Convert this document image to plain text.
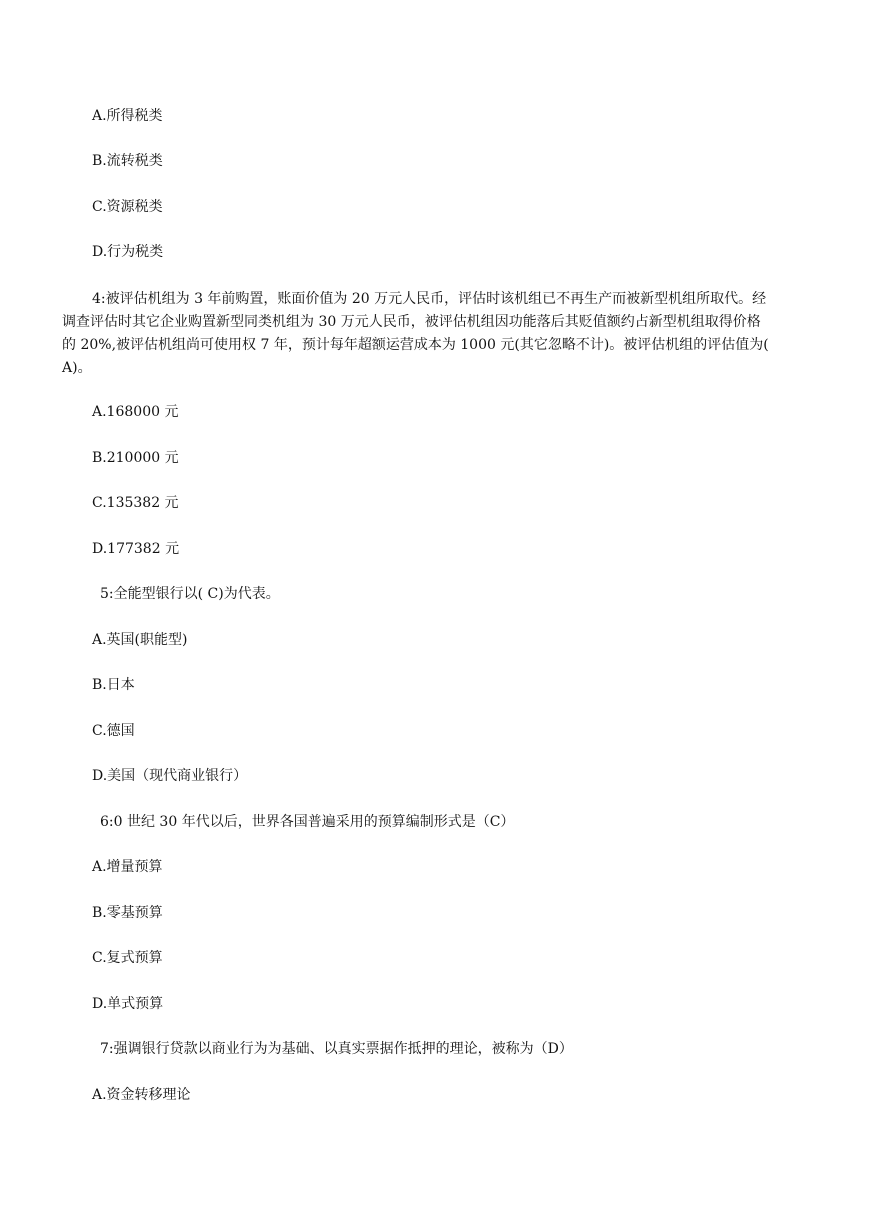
A.所得税类
B.流转税类
C.资源税类
D.行为税类
4:被评估机组为 3 年前购置，账面价值为 20 万元人民币，评估时该机组已不再生产而被新型机组所取代。经调查评估时其它企业购置新型同类机组为 30 万元人民币，被评估机组因功能落后其贬值额约占新型机组取得价格的 20%,被评估机组尚可使用权 7 年，预计每年超额运营成本为 1000 元(其它忽略不计)。被评估机组的评估值为( A)。
A.168000 元
B.210000 元
C.135382 元
D.177382 元
5:全能型银行以( C)为代表。
A.英国(职能型)
B.日本
C.德国
D.美国（现代商业银行）
6:0 世纪 30 年代以后，世界各国普遍采用的预算编制形式是（C）
A.增量预算
B.零基预算
C.复式预算
D.单式预算
7:强调银行贷款以商业行为为基础、以真实票据作抵押的理论，被称为（D）
A.资金转移理论
